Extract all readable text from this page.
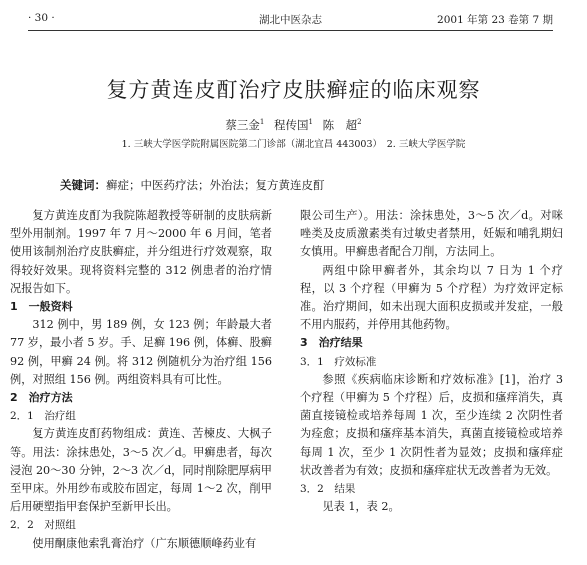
· 30 ·	湖北中医杂志	2001 年第 23 卷第 7 期
复方黄连皮酊治疗皮肤癣症的临床观察
蔡三金$^1$ 程传国$^1$ 陈　超$^2$
1. 三峡大学医学院附属医院第二门诊部（湖北宜昌 443003）　2. 三峡大学医学院
关键词：癣症；中医药疗法；外治法；复方黄连皮酊

复方黄连皮酊为我院陈超教授等研制的皮肤病新型外用制剂。1997 年 7 月～2000 年 6 月间，笔者使用该制剂治疗皮肤癣症，并分组进行疗效观察，取得较好效果。现将资料完整的 312 例患者的治疗情况报告如下。

1　一般资料

312 例中，男 189 例，女 123 例；年龄最大者 77 岁，最小者 5 岁。手、足癣 196 例，体癣、股癣 92 例，甲癣 24 例。将 312 例随机分为治疗组 156 例，对照组 156 例。两组资料具有可比性。

2　治疗方法

2．1　治疗组

复方黄连皮酊药物组成：黄连、苦楝皮、大枫子等。用法：涂抹患处，3～5 次／d。甲癣患者，每次浸泡 20～30 分钟，2～3 次／d，同时削除肥厚病甲至甲床。外用纱布或胶布固定，每周 1～2 次，削甲后用硬塑指甲套保护至新甲长出。

2．2　对照组

使用酮康他索乳膏治疗（广东顺德顺峰药业有

限公司生产）。用法：涂抹患处，3～5 次／d。对咪唑类及皮质激素类有过敏史者禁用，妊娠和哺乳期妇女慎用。甲癣患者配合刀削，方法同上。

两组中除甲癣者外，其余均以 7 日为 1 个疗程，以 3 个疗程（甲癣为 5 个疗程）为疗效评定标准。治疗期间，如未出现大面积皮损或并发症，一般不用内服药，并停用其他药物。

3　治疗结果

3．1　疗效标准

参照《疾病临床诊断和疗效标准》[1]，治疗 3 个疗程（甲癣为 5 个疗程）后，皮损和瘙痒消失，真菌直接镜检或培养每周 1 次，至少连续 2 次阴性者为痊愈；皮损和瘙痒基本消失，真菌直接镜检或培养每周 1 次，至少 1 次阴性者为显效；皮损和瘙痒症状改善者为有效；皮损和瘙痒症状无改善者为无效。

3．2　结果

见表 1，表 2。
